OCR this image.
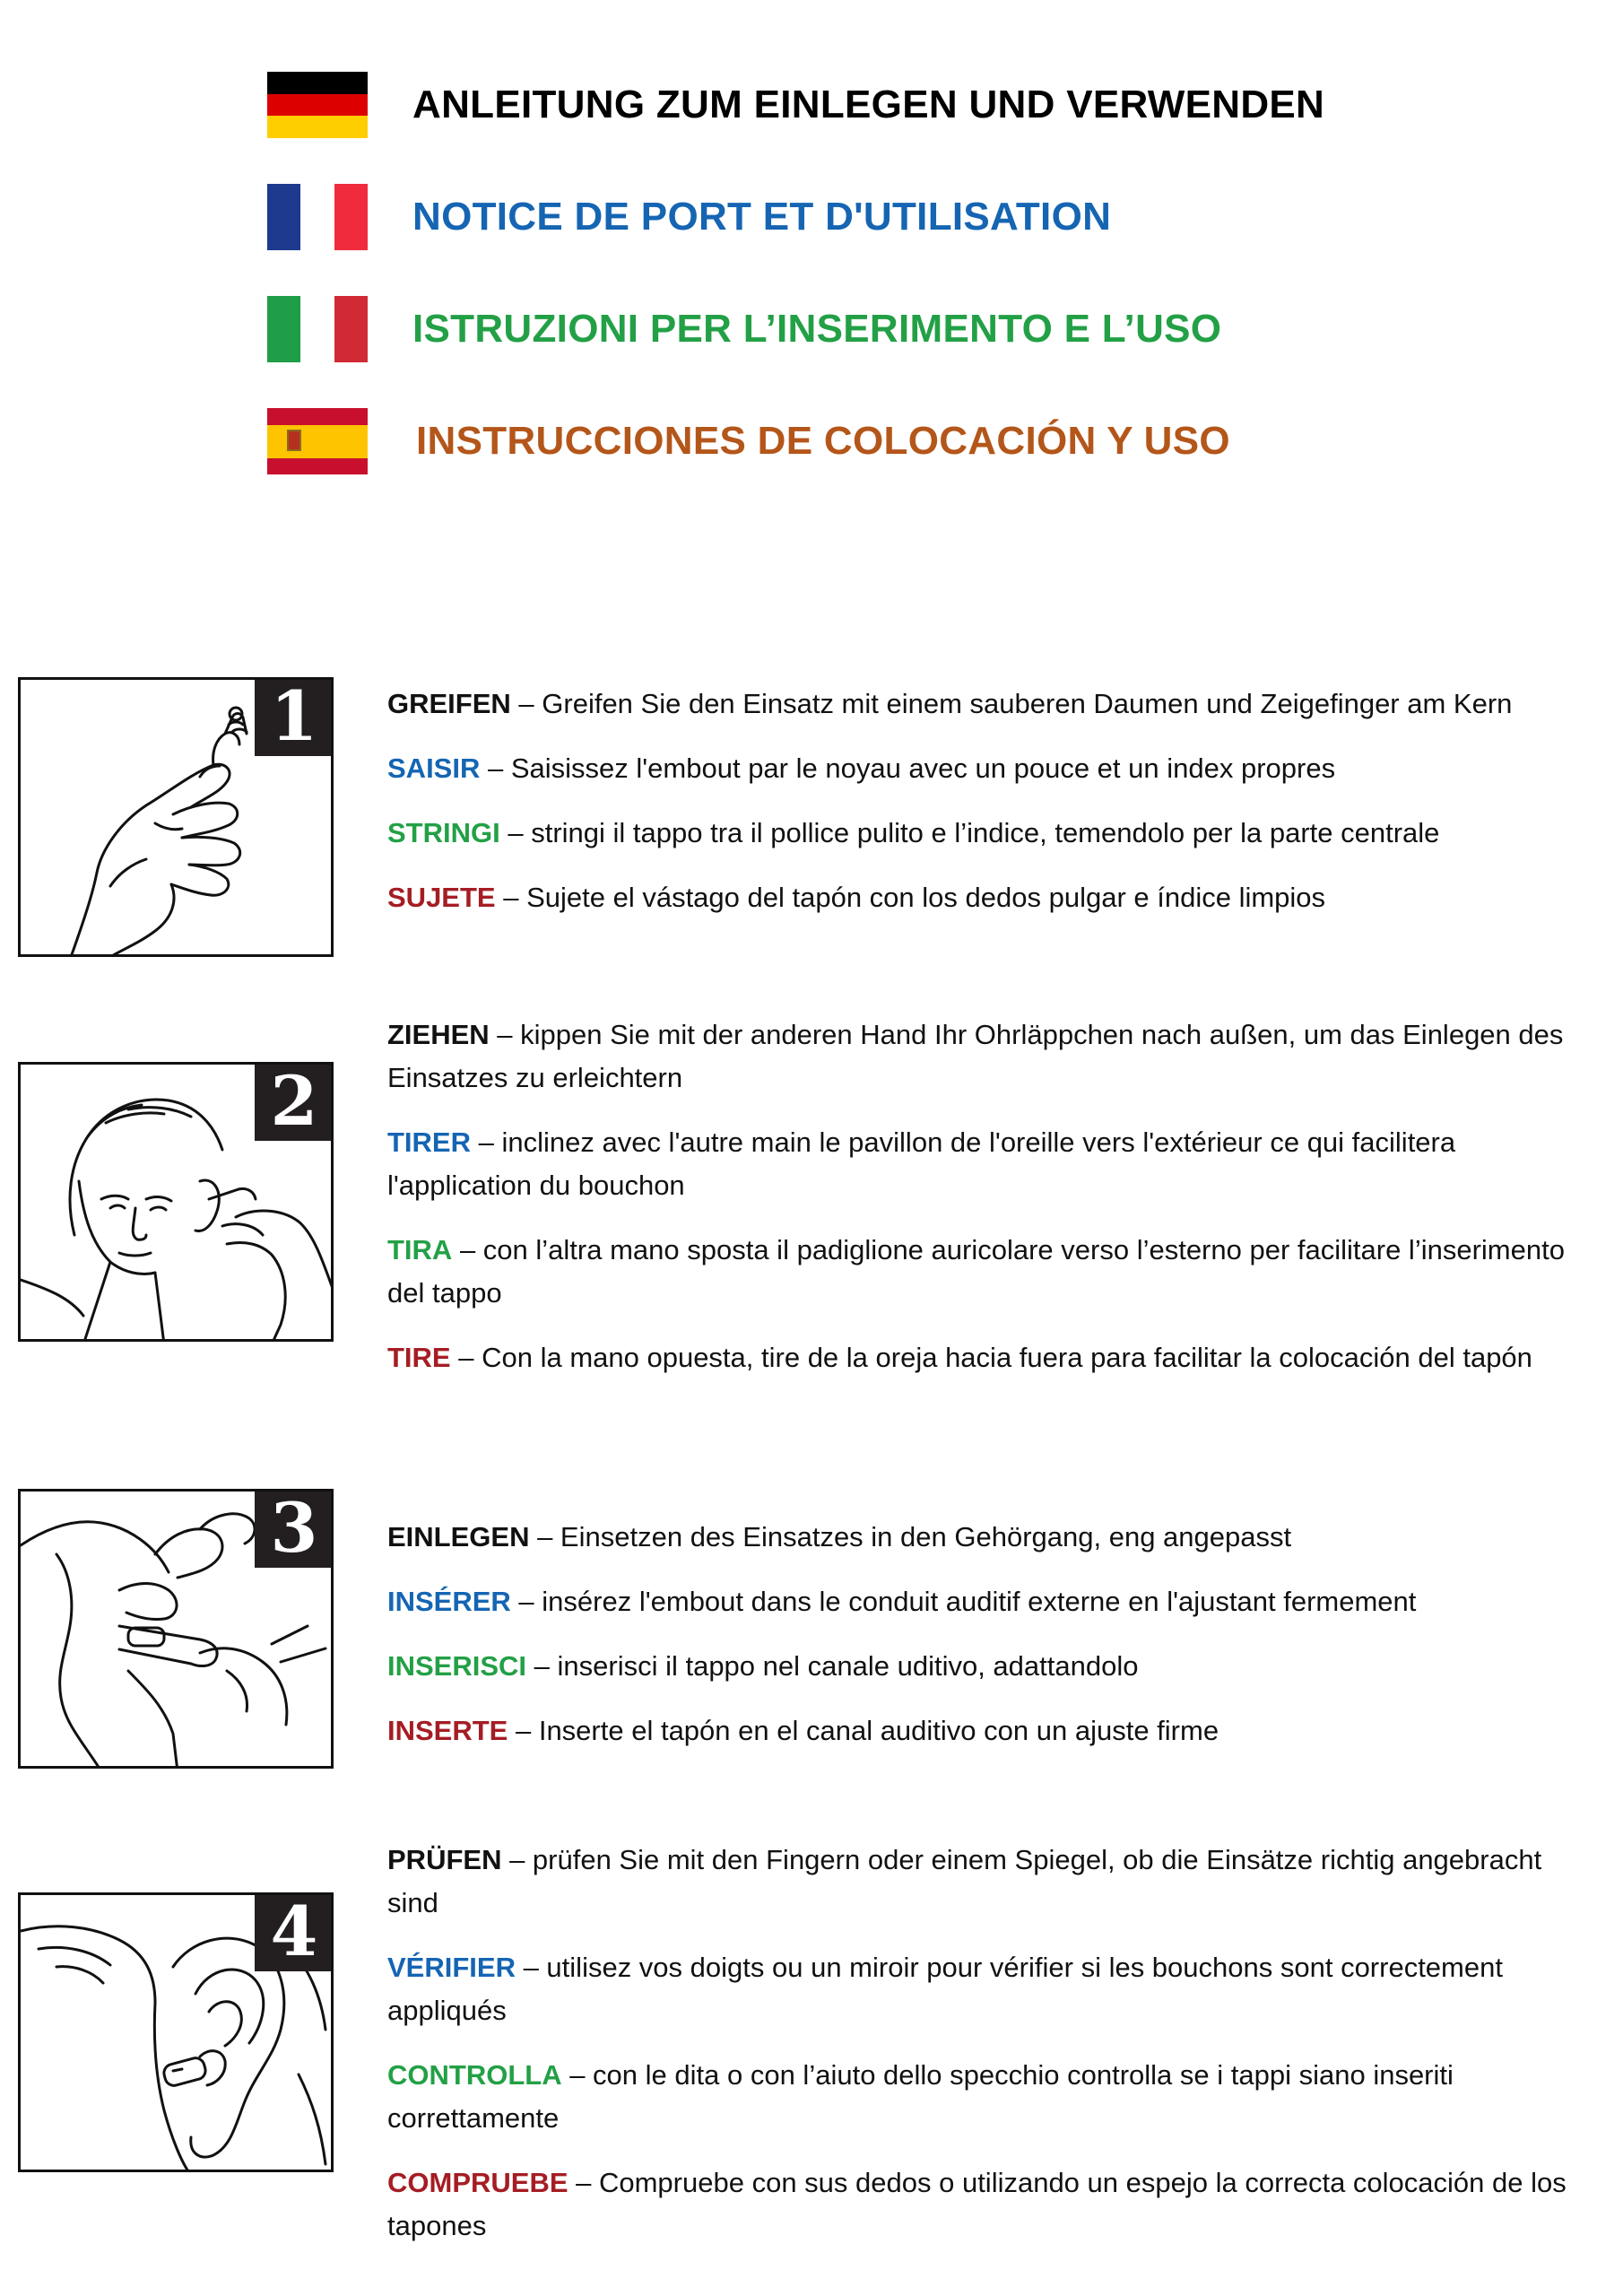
ANLEITUNG ZUM EINLEGEN UND VERWENDEN
NOTICE DE PORT ET D'UTILISATION
ISTRUZIONI PER L’INSERIMENTO E L’USO
INSTRUCCIONES DE COLOCACIÓN Y USO
1	GREIFEN – Greifen Sie den Einsatz mit einem sauberen Daumen und Zeigefinger am Kern
SAISIR – Saisissez l'embout par le noyau avec un pouce et un index propres
STRINGI – stringi il tappo tra il pollice pulito e l’indice, temendolo per la parte centrale
SUJETE – Sujete el vástago del tapón con los dedos pulgar e índice limpios
2
ZIEHEN – kippen Sie mit der anderen Hand Ihr Ohrläppchen nach außen, um das Einlegen des Einsatzes zu erleichtern
TIRER – inclinez avec l'autre main le pavillon de l'oreille vers l'extérieur ce qui facilitera l'application du bouchon
TIRA – con l’altra mano sposta il padiglione auricolare verso l’esterno per facilitare l’inserimento del tappo
TIRE – Con la mano opuesta, tire de la oreja hacia fuera para facilitar la colocación del tapón
3	EINLEGEN – Einsetzen des Einsatzes in den Gehörgang, eng angepasst
INSÉRER – insérez l'embout dans le conduit auditif externe en l'ajustant fermement
INSERISCI – inserisci il tappo nel canale uditivo, adattandolo
INSERTE – Inserte el tapón en el canal auditivo con un ajuste firme
4
PRÜFEN – prüfen Sie mit den Fingern oder einem Spiegel, ob die Einsätze richtig angebracht sind
VÉRIFIER – utilisez vos doigts ou un miroir pour vérifier si les bouchons sont correctement appliqués
CONTROLLA – con le dita o con l’aiuto dello specchio controlla se i tappi siano inseriti correttamente
COMPRUEBE – Compruebe con sus dedos o utilizando un espejo la correcta colocación de los tapones
